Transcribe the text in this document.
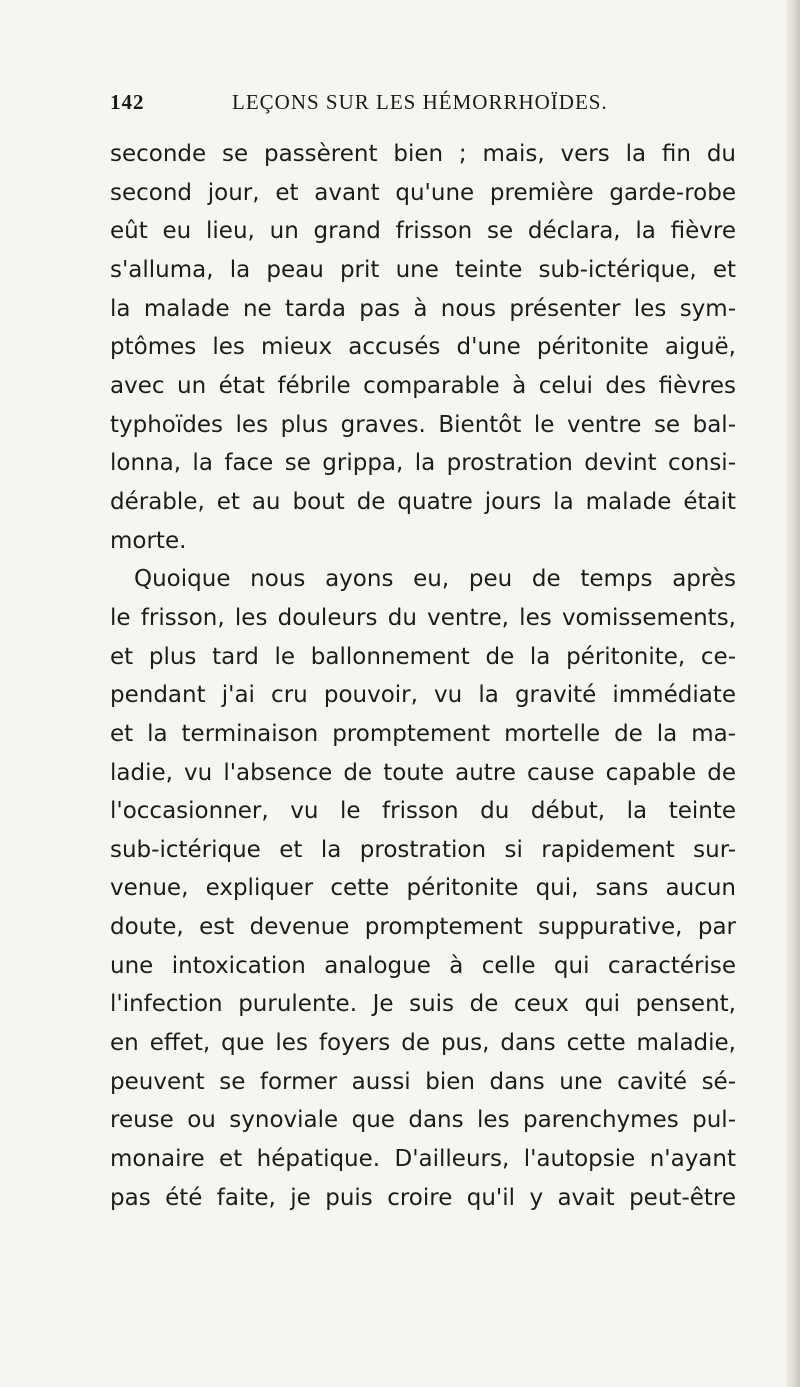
142	LEÇONS SUR LES HÉMORRHOÏDES.
seconde se passèrent bien ; mais, vers la fin du
second jour, et avant qu'une première garde-robe
eût eu lieu, un grand frisson se déclara, la fièvre
s'alluma, la peau prit une teinte sub-ictérique, et
la malade ne tarda pas à nous présenter les sym-
ptômes les mieux accusés d'une péritonite aiguë,
avec un état fébrile comparable à celui des fièvres
typhoïdes les plus graves. Bientôt le ventre se bal-
lonna, la face se grippa, la prostration devint consi-
dérable, et au bout de quatre jours la malade était
morte.
Quoique nous ayons eu, peu de temps après
le frisson, les douleurs du ventre, les vomissements,
et plus tard le ballonnement de la péritonite, ce-
pendant j'ai cru pouvoir, vu la gravité immédiate
et la terminaison promptement mortelle de la ma-
ladie, vu l'absence de toute autre cause capable de
l'occasionner, vu le frisson du début, la teinte
sub-ictérique et la prostration si rapidement sur-
venue, expliquer cette péritonite qui, sans aucun
doute, est devenue promptement suppurative, par
une intoxication analogue à celle qui caractérise
l'infection purulente. Je suis de ceux qui pensent,
en effet, que les foyers de pus, dans cette maladie,
peuvent se former aussi bien dans une cavité sé-
reuse ou synoviale que dans les parenchymes pul-
monaire et hépatique. D'ailleurs, l'autopsie n'ayant
pas été faite, je puis croire qu'il y avait peut-être
